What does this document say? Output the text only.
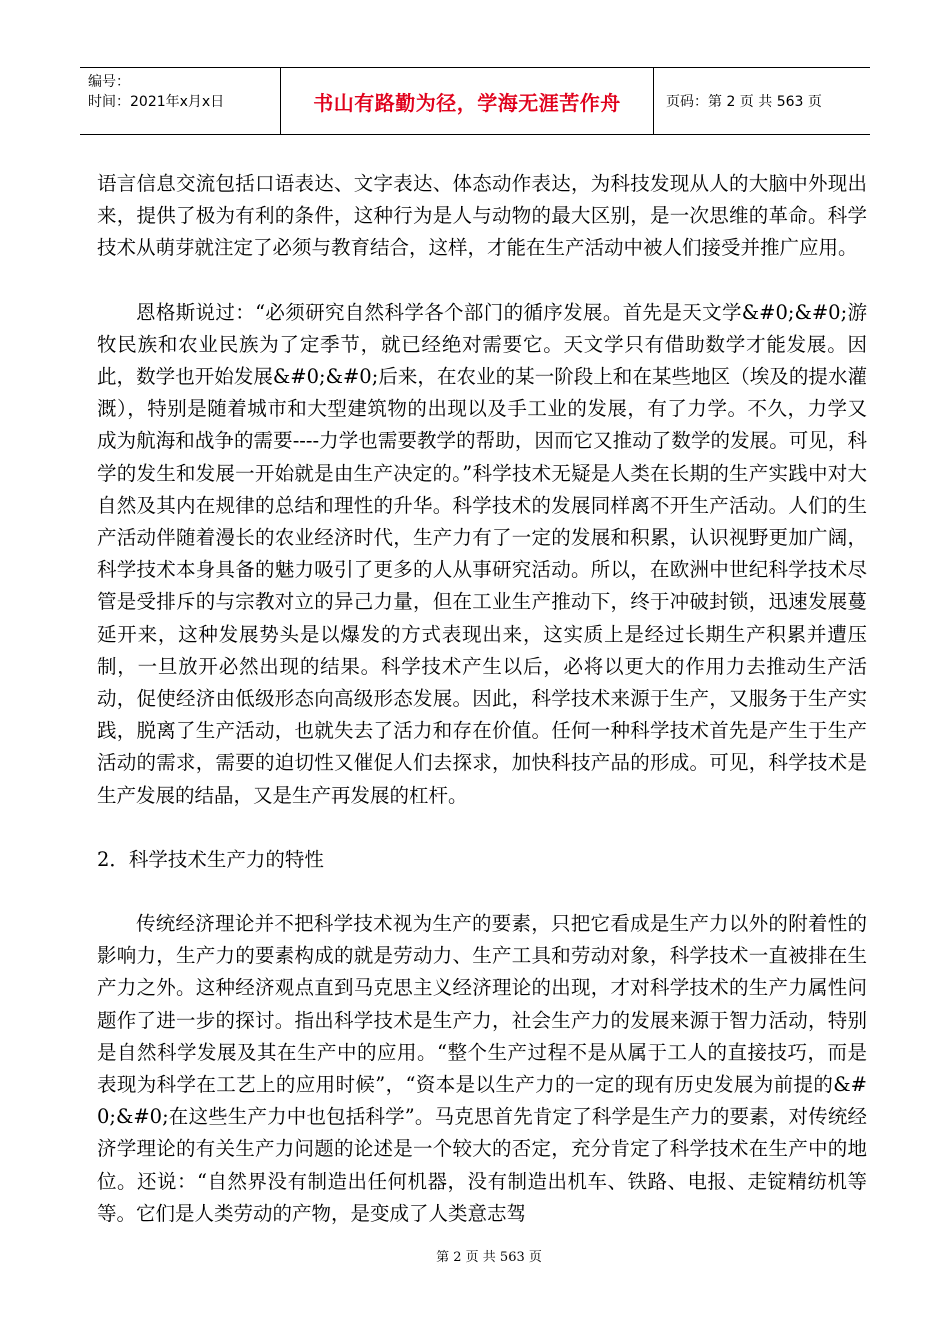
编号：
时间：2021年x月x日	书山有路勤为径，学海无涯苦作舟	页码：第 2 页 共 563 页

语言信息交流包括口语表达、文字表达、体态动作表达，为科技发现从人的大脑中外现出来，提供了极为有利的条件，这种行为是人与动物的最大区别，是一次思维的革命。科学技术从萌芽就注定了必须与教育结合，这样，才能在生产活动中被人们接受并推广应用。

恩格斯说过：“必须研究自然科学各个部门的循序发展。首先是天文学&#0;&#0;游牧民族和农业民族为了定季节，就已经绝对需要它。天文学只有借助数学才能发展。因此，数学也开始发展&#0;&#0;后来，在农业的某一阶段上和在某些地区（埃及的提水灌溉），特别是随着城市和大型建筑物的出现以及手工业的发展，有了力学。不久，力学又成为航海和战争的需要----力学也需要教学的帮助，因而它又推动了数学的发展。可见，科学的发生和发展一开始就是由生产决定的。”科学技术无疑是人类在长期的生产实践中对大自然及其内在规律的总结和理性的升华。科学技术的发展同样离不开生产活动。人们的生产活动伴随着漫长的农业经济时代，生产力有了一定的发展和积累，认识视野更加广阔，科学技术本身具备的魅力吸引了更多的人从事研究活动。所以，在欧洲中世纪科学技术尽管是受排斥的与宗教对立的异己力量，但在工业生产推动下，终于冲破封锁，迅速发展蔓延开来，这种发展势头是以爆发的方式表现出来，这实质上是经过长期生产积累并遭压制，一旦放开必然出现的结果。科学技术产生以后，必将以更大的作用力去推动生产活动，促使经济由低级形态向高级形态发展。因此，科学技术来源于生产，又服务于生产实践，脱离了生产活动，也就失去了活力和存在价值。任何一种科学技术首先是产生于生产活动的需求，需要的迫切性又催促人们去探求，加快科技产品的形成。可见，科学技术是生产发展的结晶，又是生产再发展的杠杆。

2．科学技术生产力的特性

传统经济理论并不把科学技术视为生产的要素，只把它看成是生产力以外的附着性的影响力，生产力的要素构成的就是劳动力、生产工具和劳动对象，科学技术一直被排在生产力之外。这种经济观点直到马克思主义经济理论的出现，才对科学技术的生产力属性问题作了进一步的探讨。指出科学技术是生产力，社会生产力的发展来源于智力活动，特别是自然科学发展及其在生产中的应用。“整个生产过程不是从属于工人的直接技巧，而是表现为科学在工艺上的应用时候”，“资本是以生产力的一定的现有历史发展为前提的&#0;&#0;在这些生产力中也包括科学”。马克思首先肯定了科学是生产力的要素，对传统经济学理论的有关生产力问题的论述是一个较大的否定，充分肯定了科学技术在生产中的地位。还说：“自然界没有制造出任何机器，没有制造出机车、铁路、电报、走锭精纺机等等。它们是人类劳动的产物，是变成了人类意志驾

第 2 页 共 563 页
